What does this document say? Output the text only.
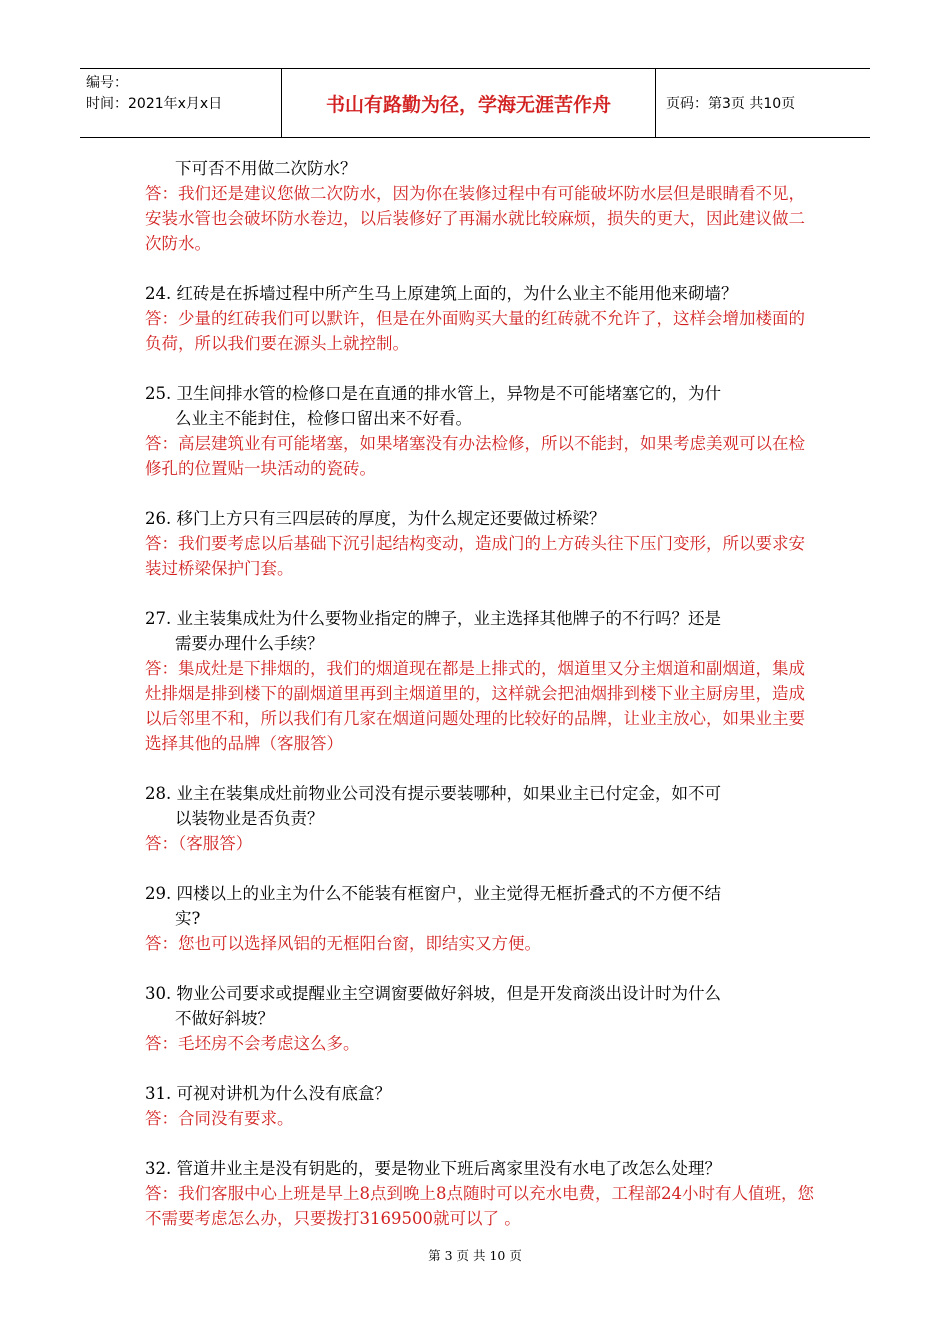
编号：
时间：2021年x月x日	书山有路勤为径，学海无涯苦作舟	页码：第3页 共10页

下可否不用做二次防水？

答：我们还是建议您做二次防水，因为你在装修过程中有可能破坏防水层但是眼睛看不见，安装水管也会破坏防水卷边，以后装修好了再漏水就比较麻烦，损失的更大，因此建议做二次防水。

24. 红砖是在拆墙过程中所产生马上原建筑上面的，为什么业主不能用他来砌墙？

答：少量的红砖我们可以默许，但是在外面购买大量的红砖就不允许了，这样会增加楼面的负荷，所以我们要在源头上就控制。

25. 卫生间排水管的检修口是在直通的排水管上，异物是不可能堵塞它的，为什

么业主不能封住，检修口留出来不好看。

答：高层建筑业有可能堵塞，如果堵塞没有办法检修，所以不能封，如果考虑美观可以在检修孔的位置贴一块活动的瓷砖。

26. 移门上方只有三四层砖的厚度，为什么规定还要做过桥梁？

答：我们要考虑以后基础下沉引起结构变动，造成门的上方砖头往下压门变形，所以要求安装过桥梁保护门套。

27. 业主装集成灶为什么要物业指定的牌子，业主选择其他牌子的不行吗？还是

需要办理什么手续？

答：集成灶是下排烟的，我们的烟道现在都是上排式的，烟道里又分主烟道和副烟道，集成灶排烟是排到楼下的副烟道里再到主烟道里的，这样就会把油烟排到楼下业主厨房里，造成以后邻里不和，所以我们有几家在烟道问题处理的比较好的品牌，让业主放心，如果业主要选择其他的品牌（客服答）

28. 业主在装集成灶前物业公司没有提示要装哪种，如果业主已付定金，如不可

以装物业是否负责？

答：（客服答）

29. 四楼以上的业主为什么不能装有框窗户，业主觉得无框折叠式的不方便不结

实?

答：您也可以选择风铝的无框阳台窗，即结实又方便。

30. 物业公司要求或提醒业主空调窗要做好斜坡，但是开发商淡出设计时为什么

不做好斜坡？

答：毛坯房不会考虑这么多。

31. 可视对讲机为什么没有底盒？

答：合同没有要求。

32. 管道井业主是没有钥匙的，要是物业下班后离家里没有水电了改怎么处理？

答：我们客服中心上班是早上8点到晚上8点随时可以充水电费，工程部24小时有人值班，您不需要考虑怎么办，只要拨打3169500就可以了 。

第 3 页 共 10 页
